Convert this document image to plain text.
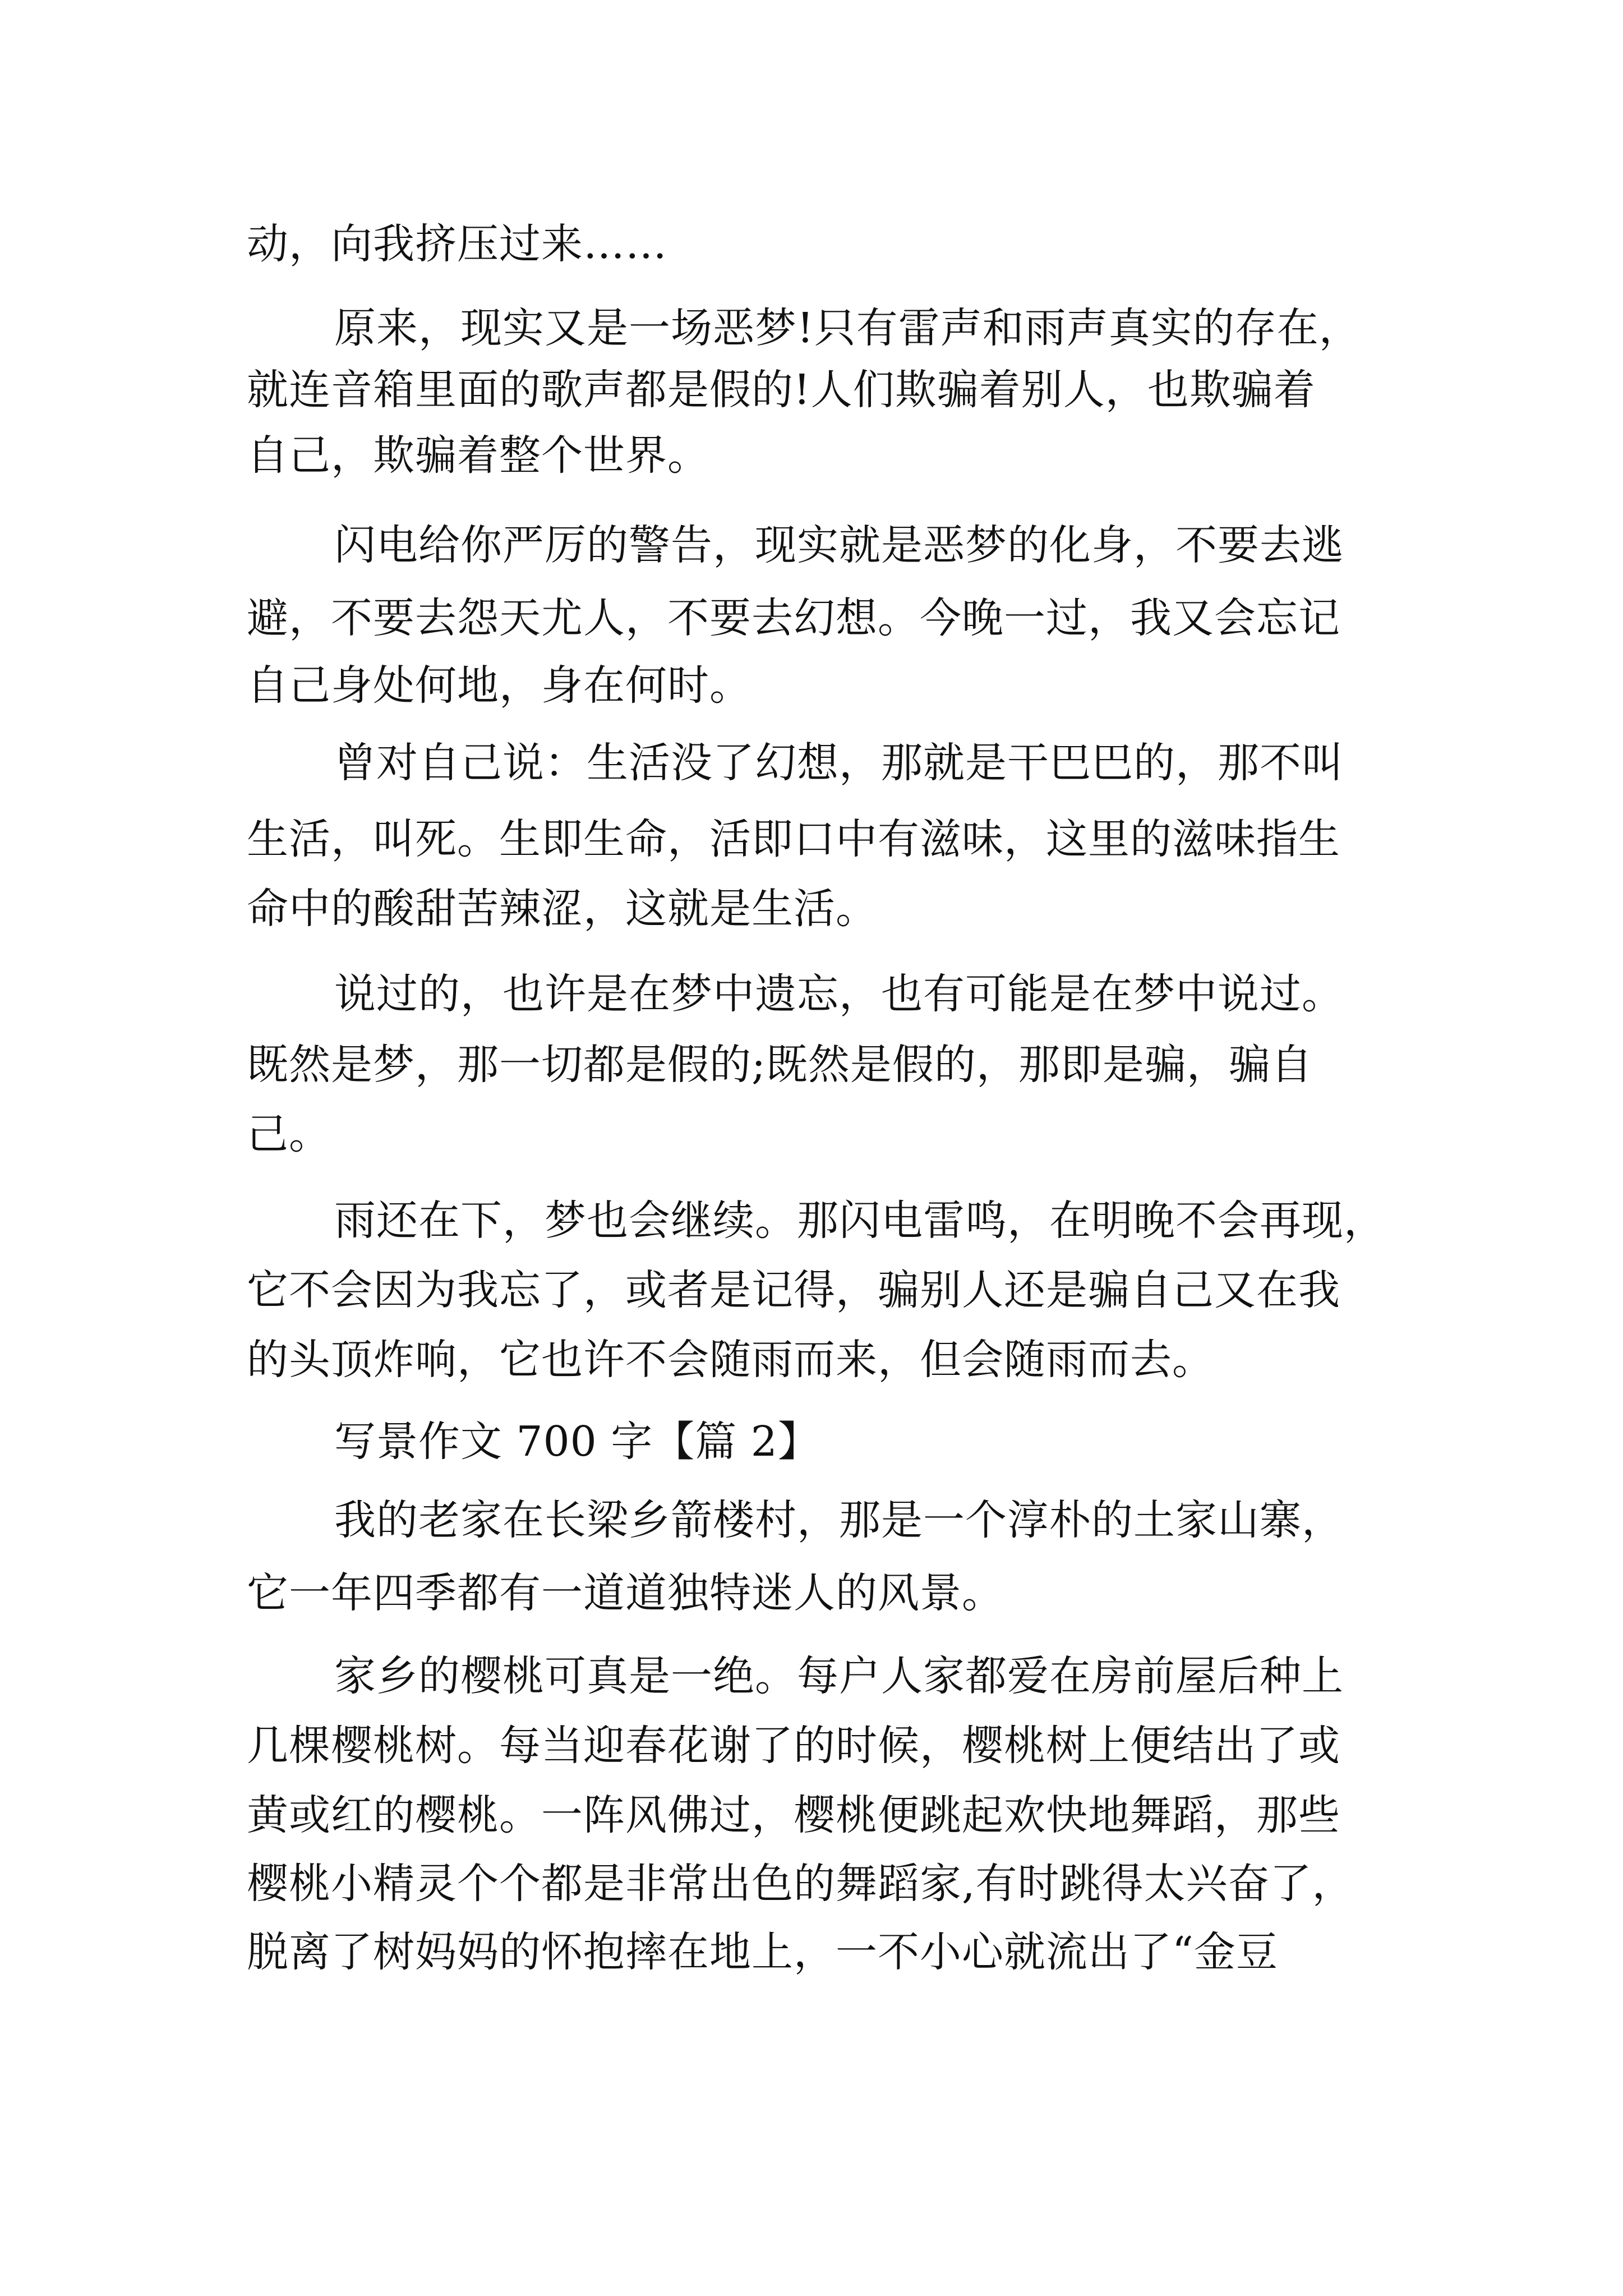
动，向我挤压过来……
原来，现实又是一场恶梦!只有雷声和雨声真实的存在，
就连音箱里面的歌声都是假的!人们欺骗着别人，也欺骗着
自己，欺骗着整个世界。
闪电给你严厉的警告，现实就是恶梦的化身，不要去逃
避，不要去怨天尤人，不要去幻想。今晚一过，我又会忘记
自己身处何地，身在何时。
曾对自己说：生活没了幻想，那就是干巴巴的，那不叫
生活，叫死。生即生命，活即口中有滋味，这里的滋味指生
命中的酸甜苦辣涩，这就是生活。
说过的，也许是在梦中遗忘，也有可能是在梦中说过。
既然是梦，那一切都是假的;既然是假的，那即是骗，骗自
己。
雨还在下，梦也会继续。那闪电雷鸣，在明晚不会再现，
它不会因为我忘了，或者是记得，骗别人还是骗自己又在我
的头顶炸响，它也许不会随雨而来，但会随雨而去。
写景作文 700 字【篇 2】
我的老家在长梁乡箭楼村，那是一个淳朴的土家山寨，
它一年四季都有一道道独特迷人的风景。
家乡的樱桃可真是一绝。每户人家都爱在房前屋后种上
几棵樱桃树。每当迎春花谢了的时候，樱桃树上便结出了或
黄或红的樱桃。一阵风佛过，樱桃便跳起欢快地舞蹈，那些
樱桃小精灵个个都是非常出色的舞蹈家,有时跳得太兴奋了，
脱离了树妈妈的怀抱摔在地上，一不小心就流出了“金豆
